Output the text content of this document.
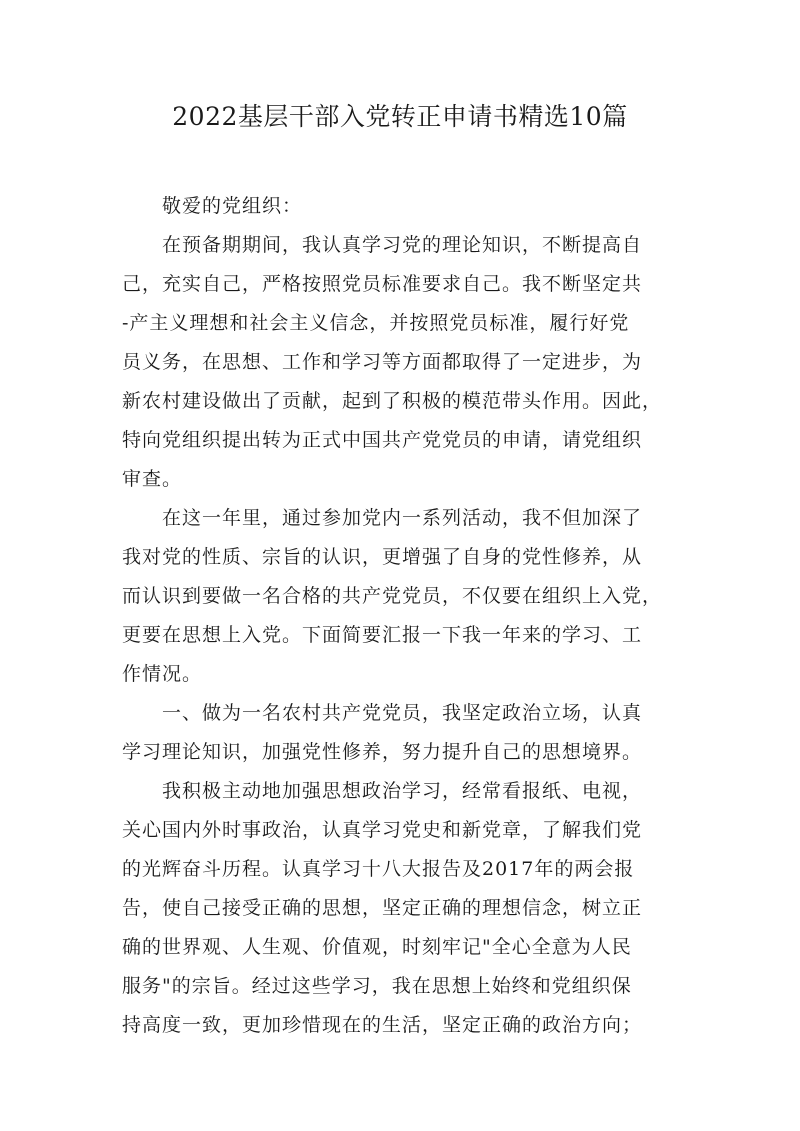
2022基层干部入党转正申请书精选10篇
敬爱的党组织：
在预备期期间，我认真学习党的理论知识，不断提高自
己，充实自己，严格按照党员标准要求自己。我不断坚定共
-产主义理想和社会主义信念，并按照党员标准，履行好党
员义务，在思想、工作和学习等方面都取得了一定进步，为
新农村建设做出了贡献，起到了积极的模范带头作用。因此，
特向党组织提出转为正式中国共产党党员的申请，请党组织
审查。
在这一年里，通过参加党内一系列活动，我不但加深了
我对党的性质、宗旨的认识，更增强了自身的党性修养，从
而认识到要做一名合格的共产党党员，不仅要在组织上入党，
更要在思想上入党。下面简要汇报一下我一年来的学习、工
作情况。
一、做为一名农村共产党党员，我坚定政治立场，认真
学习理论知识，加强党性修养，努力提升自己的思想境界。
我积极主动地加强思想政治学习，经常看报纸、电视，
关心国内外时事政治，认真学习党史和新党章，了解我们党
的光辉奋斗历程。认真学习十八大报告及2017年的两会报
告，使自己接受正确的思想，坚定正确的理想信念，树立正
确的世界观、人生观、价值观，时刻牢记"全心全意为人民
服务"的宗旨。经过这些学习，我在思想上始终和党组织保
持高度一致，更加珍惜现在的生活，坚定正确的政治方向；
